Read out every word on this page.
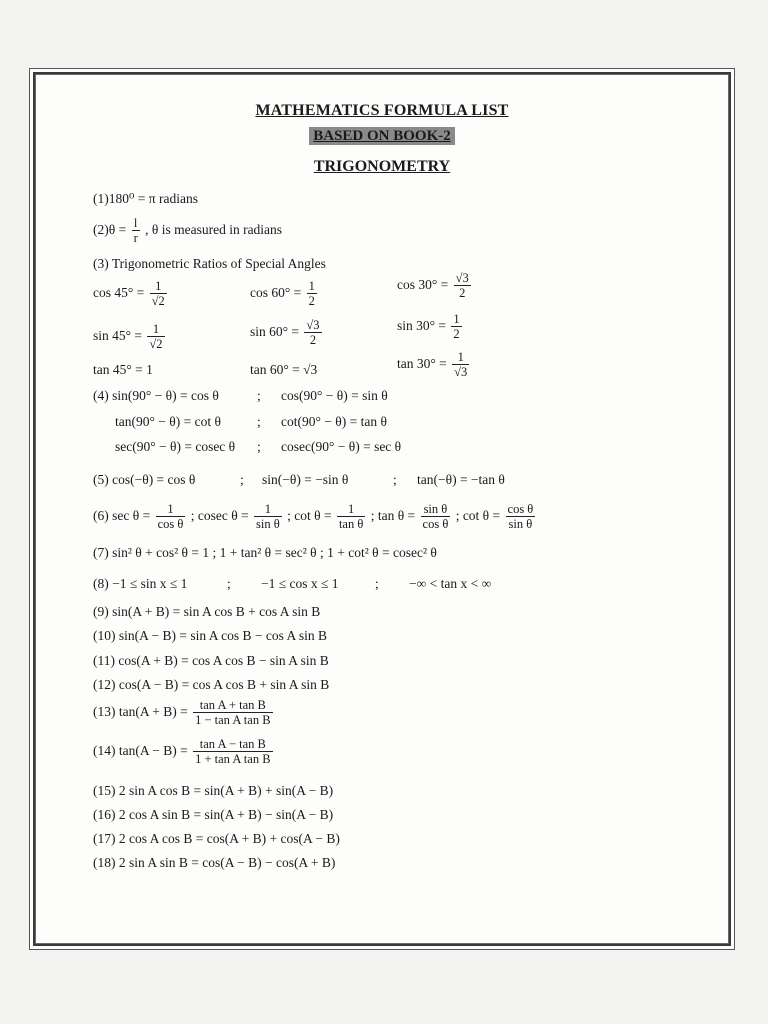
MATHEMATICS FORMULA LIST
BASED ON BOOK-2
TRIGONOMETRY
(1)180⁰ = π radians
$(2)\theta = \frac{l}{r}$ , θ is measured in radians
(3) Trigonometric Ratios of Special Angles
$\cos 45^\circ = \frac{1}{√2}$	$\cos 60^\circ = \frac{1}{2}$	$\cos 30^\circ = \frac{√3}{2}$
$\sin 45^\circ = \frac{1}{√2}$	$\sin 60^\circ = \frac{√3}{2}$	$\sin 30^\circ = \frac{1}{2}$
tan 45° = 1	tan 60° = √3	$\tan 30^\circ = \frac{1}{√3}$
(4) sin(90° − θ) = cos θ	; cos(90° − θ) = sin θ
tan(90° − θ) = cot θ	; cot(90° − θ) = tan θ
sec(90° − θ) = cosec θ ; cosec(90° − θ) = sec θ
(5) cos(−θ) = cos θ	; sin(−θ) = −sin θ	; tan(−θ) = −tan θ
(6) $\sec \theta = \frac{1}{\text{cos θ}}$ ; cosec $\theta = \frac{1}{\text{sin θ}}$ ; $\cot \theta = \frac{1}{\text{tan θ}}$ ; $\tan \theta = \frac{\text{sin θ}}{\text{cos θ}}$ ; $\cot \theta = \frac{\text{cos θ}}{\text{sin θ}}$
(7) sin² θ + cos² θ = 1 ; 1 + tan² θ = sec² θ ; 1 + cot² θ = cosec² θ
(8) −1 ≤ sin x ≤ 1	; −1 ≤ cos x ≤ 1	; −∞ < tan x < ∞
(9) sin(A + B) = sin A cos B + cos A sin B
(10) sin(A − B) = sin A cos B − cos A sin B
(11) cos(A + B) = cos A cos B − sin A sin B
(12) cos(A − B) = cos A cos B + sin A sin B
(13) $\tan(A + B) = \frac{\text{tan A + tan B}}{\text{1 − tan A tan B}}$
(14) $\tan(A - B) = \frac{\text{tan A − tan B}}{\text{1 + tan A tan B}}$
(15) 2 sin A cos B = sin(A + B) + sin(A − B)
(16) 2 cos A sin B = sin(A + B) − sin(A − B)
(17) 2 cos A cos B = cos(A + B) + cos(A − B)
(18) 2 sin A sin B = cos(A − B) − cos(A + B)
